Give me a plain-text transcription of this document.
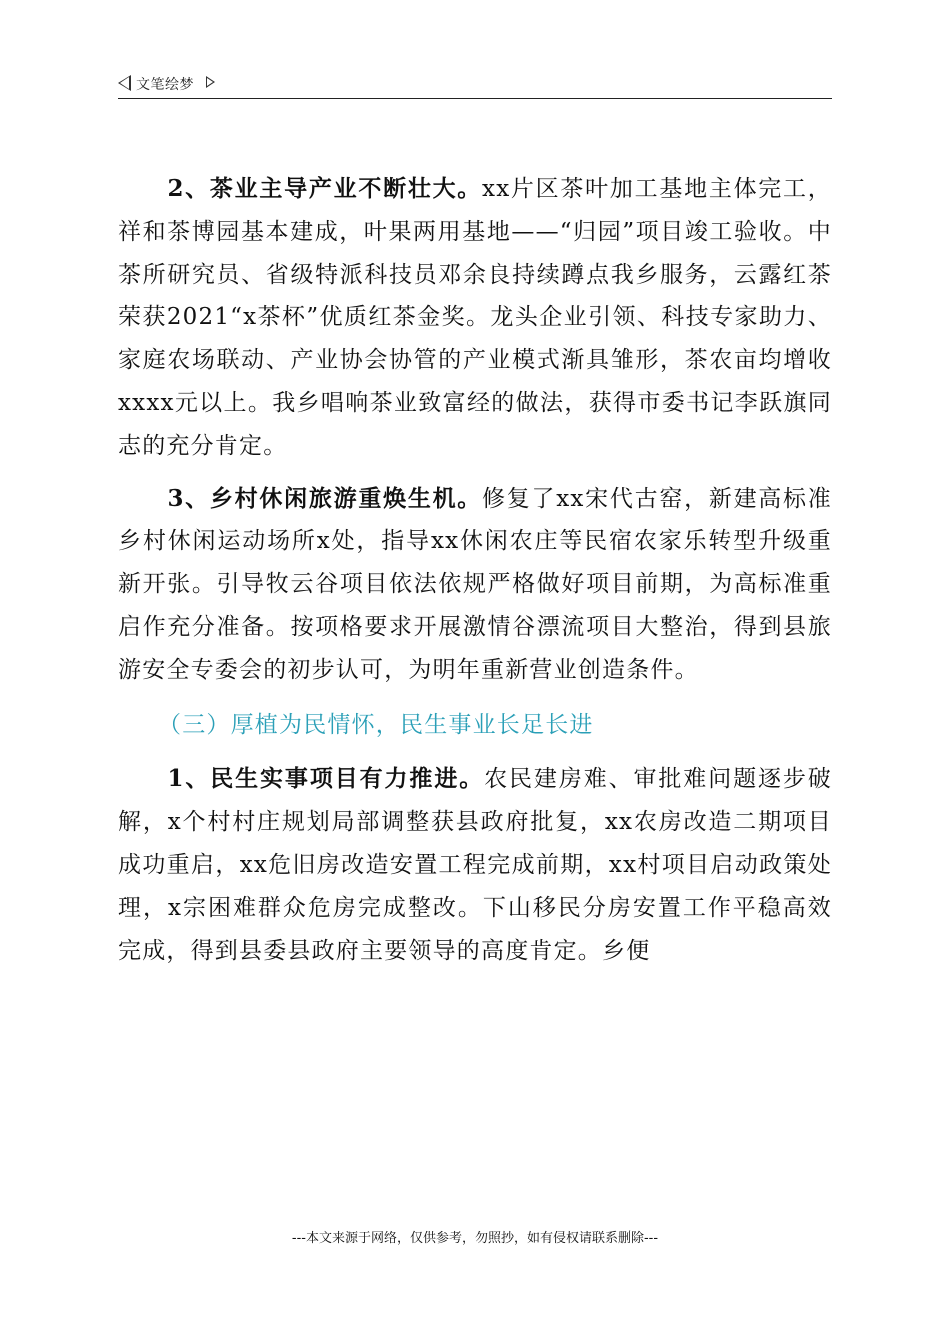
文笔绘梦

2、茶业主导产业不断壮大。xx片区茶叶加工基地主体完工，祥和茶博园基本建成，叶果两用基地——“归园”项目竣工验收。中茶所研究员、省级特派科技员邓余良持续蹲点我乡服务，云露红茶荣获2021“x茶杯”优质红茶金奖。龙头企业引领、科技专家助力、家庭农场联动、产业协会协管的产业模式渐具雏形，茶农亩均增收xxxx元以上。我乡唱响茶业致富经的做法，获得市委书记李跃旗同志的充分肯定。

3、乡村休闲旅游重焕生机。修复了xx宋代古窑，新建高标准乡村休闲运动场所x处，指导xx休闲农庄等民宿农家乐转型升级重新开张。引导牧云谷项目依法依规严格做好项目前期，为高标准重启作充分准备。按项格要求开展激情谷漂流项目大整治，得到县旅游安全专委会的初步认可，为明年重新营业创造条件。

（三）厚植为民情怀，民生事业长足长进

1、民生实事项目有力推进。农民建房难、审批难问题逐步破解，x个村村庄规划局部调整获县政府批复，xx农房改造二期项目成功重启，xx危旧房改造安置工程完成前期，xx村项目启动政策处理，x宗困难群众危房完成整改。下山移民分房安置工作平稳高效完成，得到县委县政府主要领导的高度肯定。乡便

---本文来源于网络，仅供参考，勿照抄，如有侵权请联系删除---
